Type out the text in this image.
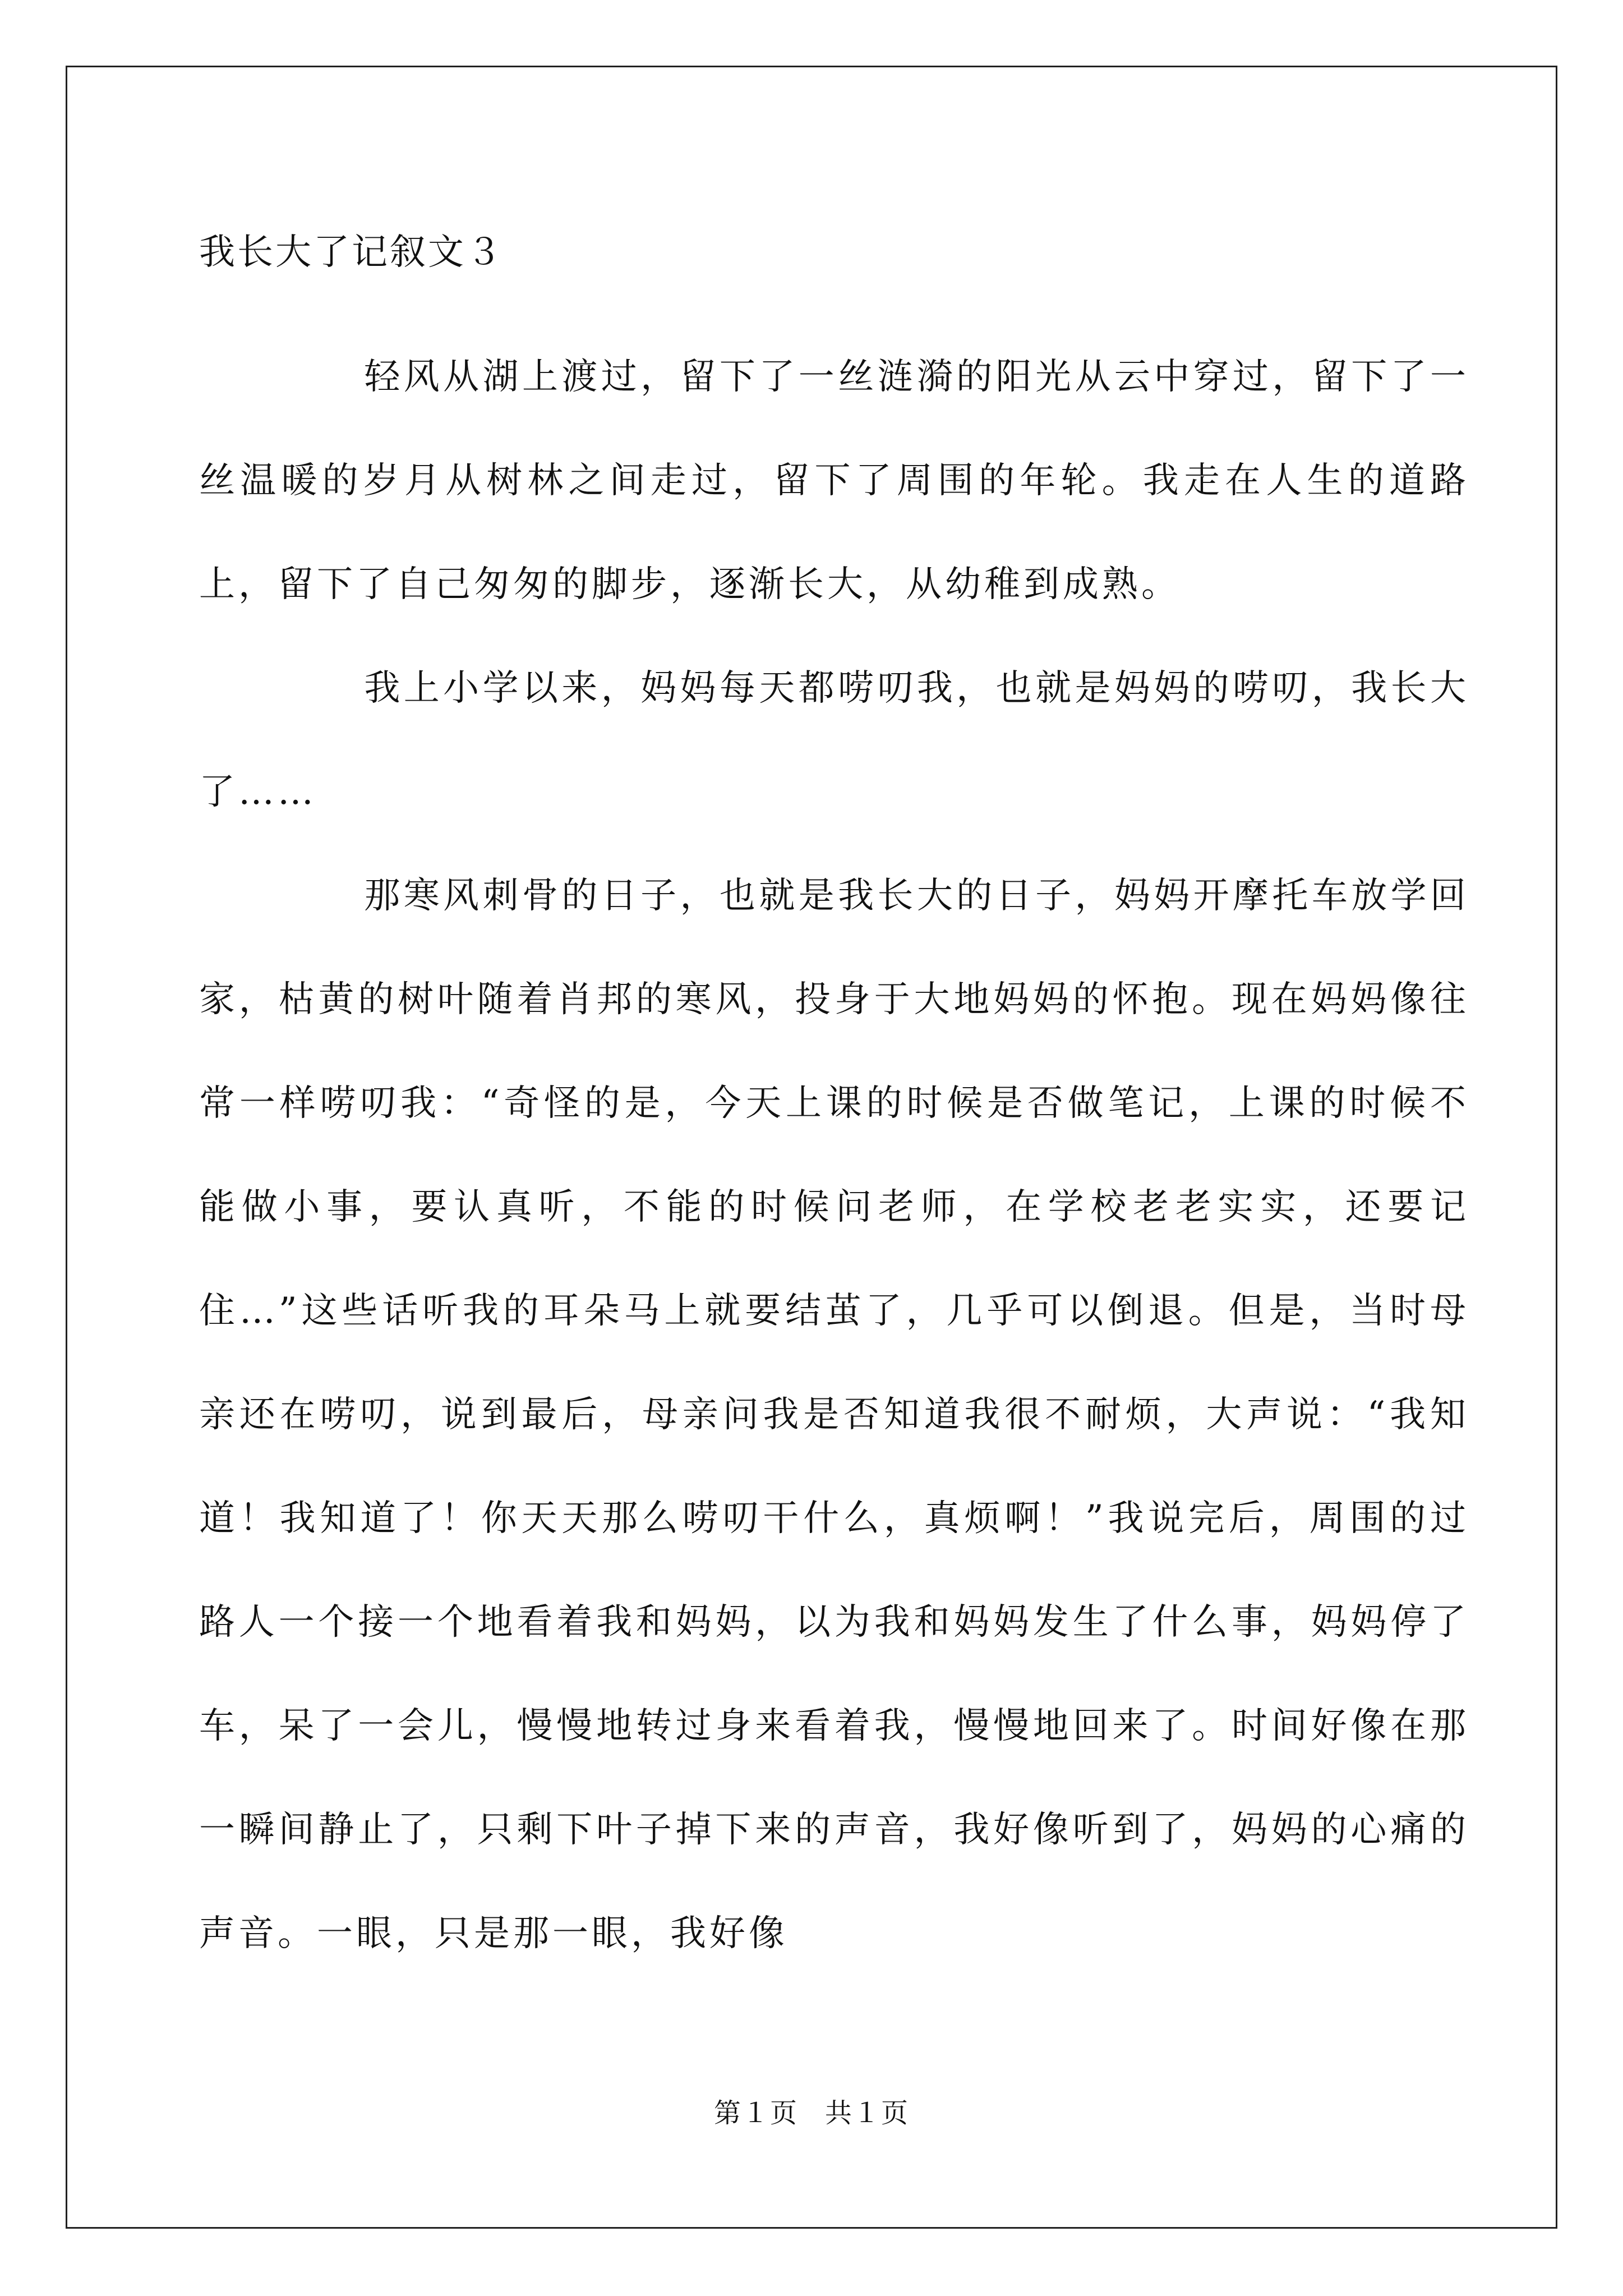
我长大了记叙文３

轻风从湖上渡过，留下了一丝涟漪的阳光从云中穿过，留下了一丝温暖的岁月从树林之间走过，留下了周围的年轮。我走在人生的道路上，留下了自己匆匆的脚步，逐渐长大，从幼稚到成熟。

我上小学以来，妈妈每天都唠叨我，也就是妈妈的唠叨，我长大了……

那寒风刺骨的日子，也就是我长大的日子，妈妈开摩托车放学回家，枯黄的树叶随着肖邦的寒风，投身于大地妈妈的怀抱。现在妈妈像往常一样唠叨我：“奇怪的是，今天上课的时候是否做笔记，上课的时候不能做小事，要认真听，不能的时候问老师，在学校老老实实，还要记住…”这些话听我的耳朵马上就要结茧了，几乎可以倒退。但是，当时母亲还在唠叨，说到最后，母亲问我是否知道我很不耐烦，大声说：“我知道！我知道了！你天天那么唠叨干什么，真烦啊！”我说完后，周围的过路人一个接一个地看着我和妈妈，以为我和妈妈发生了什么事，妈妈停了车，呆了一会儿，慢慢地转过身来看着我，慢慢地回来了。时间好像在那一瞬间静止了，只剩下叶子掉下来的声音，我好像听到了，妈妈的心痛的声音。一眼，只是那一眼，我好像

第１页 共１页
